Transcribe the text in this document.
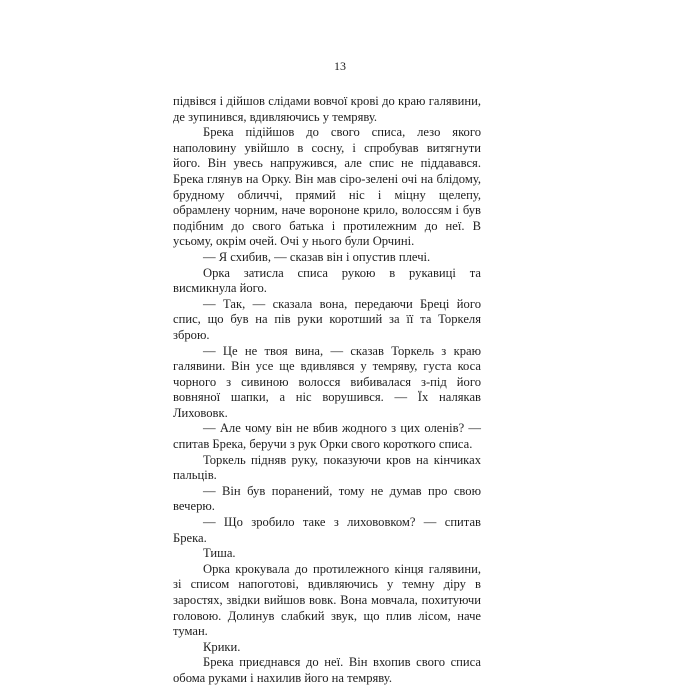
13

підвівся і дійшов слідами вовчої крові до краю галявини, де зупинився, вдивляючись у темряву.

Брека підійшов до свого списа, лезо якого наполовину увійшло в сосну, і спробував витягнути його. Він увесь напружився, але спис не піддавався. Брека глянув на Орку. Він мав сіро-зелені очі на блідому, брудному обличчі, прямий ніс і міцну щелепу, обрамлену чорним, наче ворононе крило, волоссям і був подібним до свого батька і протилежним до неї. В усьому, окрім очей. Очі у нього були Орчині.

— Я схибив, — сказав він і опустив плечі.

Орка затисла списа рукою в рукавиці та висмикнула його.

— Так, — сказала вона, передаючи Бреці його спис, що був на пів руки коротший за її та Торкеля зброю.

— Це не твоя вина, — сказав Торкель з краю галявини. Він усе ще вдивлявся у темряву, густа коса чорного з сивиною волосся вибивалася з-під його вовняної шапки, а ніс ворушився. — Їх налякав Лихововк.

— Але чому він не вбив жодного з цих оленів? — спитав Брека, беручи з рук Орки свого короткого списа.

Торкель підняв руку, показуючи кров на кінчиках пальців.

— Він був поранений, тому не думав про свою вечерю.

— Що зробило таке з лихововком? — спитав Брека.

Тиша.

Орка крокувала до протилежного кінця галявини, зі списом напоготові, вдивляючись у темну діру в заростях, звідки вийшов вовк. Вона мовчала, похитуючи головою. Долинув слабкий звук, що плив лісом, наче туман.

Крики.

Брека приєднався до неї. Він вхопив свого списа обома руками і нахилив його на темряву.
